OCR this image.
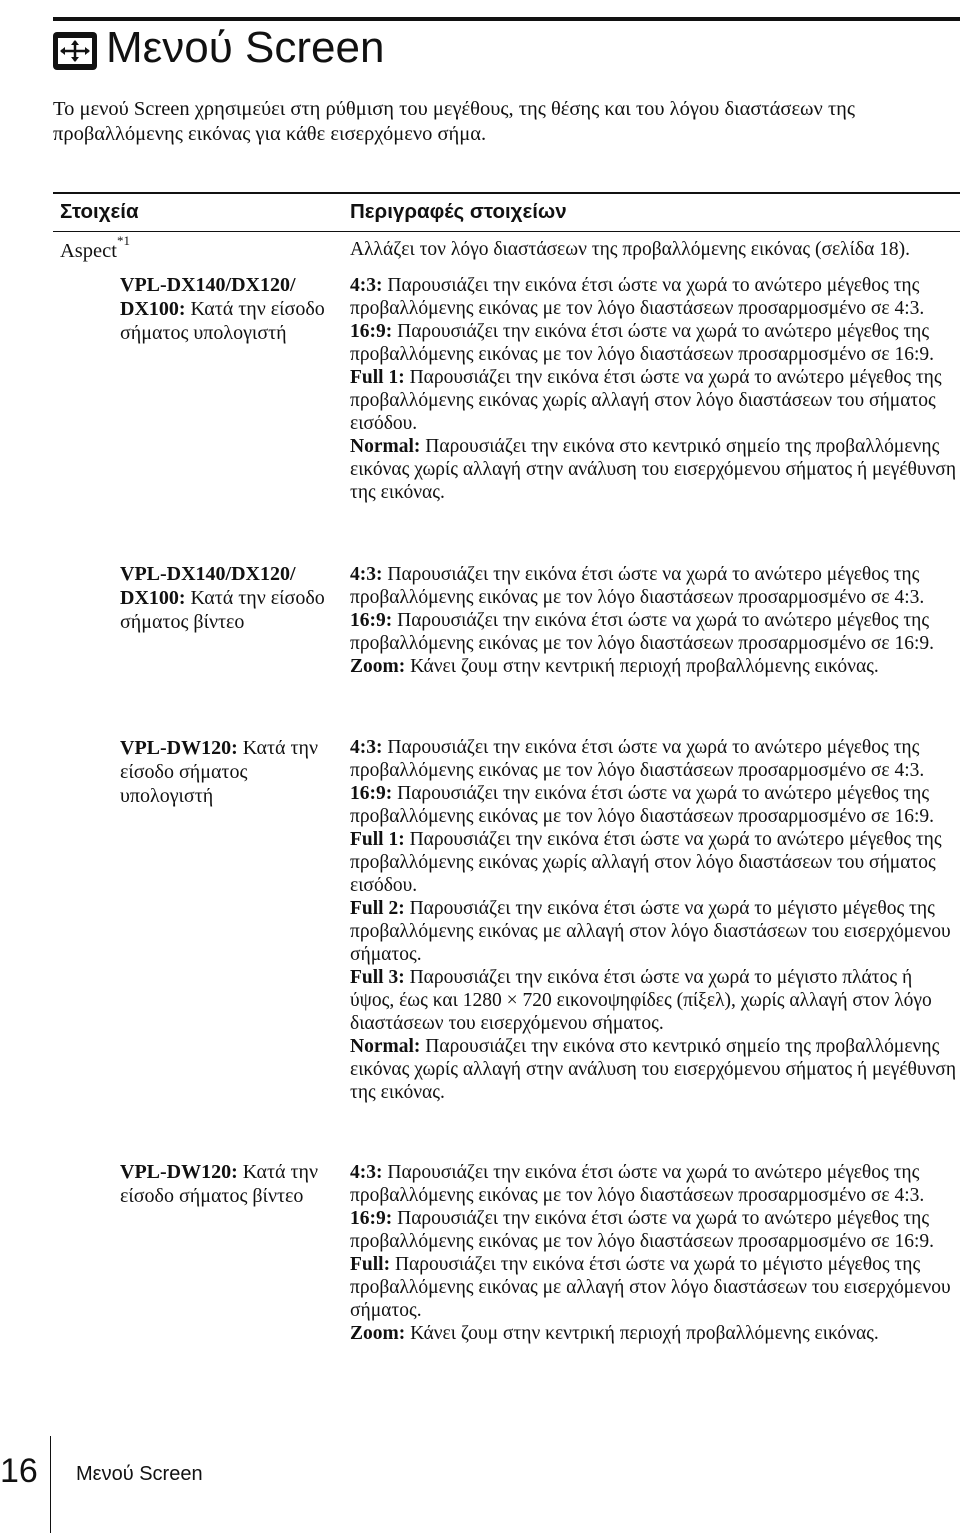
Μενού Screen
Το μενού Screen χρησιμεύει στη ρύθμιση του μεγέθους, της θέσης και του λόγου διαστάσεων της προβαλλόμενης εικόνας για κάθε εισερχόμενο σήμα.
Στοιχεία	Περιγραφές στοιχείων
Aspect$^{*1}$	Αλλάζει τον λόγο διαστάσεων της προβαλλόμενης εικόνας (σελίδα 18).
VPL-DX140/DX120/ DX100: Κατά την είσοδο σήματος υπολογιστή

4:3: Παρουσιάζει την εικόνα έτσι ώστε να χωρά το ανώτερο μέγεθος της προβαλλόμενης εικόνας με τον λόγο διαστάσεων προσαρμοσμένο σε 4:3.

16:9: Παρουσιάζει την εικόνα έτσι ώστε να χωρά το ανώτερο μέγεθος της προβαλλόμενης εικόνας με τον λόγο διαστάσεων προσαρμοσμένο σε 16:9.

Full 1: Παρουσιάζει την εικόνα έτσι ώστε να χωρά το ανώτερο μέγεθος της προβαλλόμενης εικόνας χωρίς αλλαγή στον λόγο διαστάσεων του σήματος εισόδου.

Normal: Παρουσιάζει την εικόνα στο κεντρικό σημείο της προβαλλόμενης εικόνας χωρίς αλλαγή στην ανάλυση του εισερχόμενου σήματος ή μεγέθυνση της εικόνας.

VPL-DX140/DX120/ DX100: Κατά την είσοδο σήματος βίντεο

4:3: Παρουσιάζει την εικόνα έτσι ώστε να χωρά το ανώτερο μέγεθος της προβαλλόμενης εικόνας με τον λόγο διαστάσεων προσαρμοσμένο σε 4:3.

16:9: Παρουσιάζει την εικόνα έτσι ώστε να χωρά το ανώτερο μέγεθος της προβαλλόμενης εικόνας με τον λόγο διαστάσεων προσαρμοσμένο σε 16:9.

Zoom: Κάνει ζουμ στην κεντρική περιοχή προβαλλόμενης εικόνας.

VPL-DW120: Κατά την είσοδο σήματος υπολογιστή

4:3: Παρουσιάζει την εικόνα έτσι ώστε να χωρά το ανώτερο μέγεθος της προβαλλόμενης εικόνας με τον λόγο διαστάσεων προσαρμοσμένο σε 4:3.

16:9: Παρουσιάζει την εικόνα έτσι ώστε να χωρά το ανώτερο μέγεθος της προβαλλόμενης εικόνας με τον λόγο διαστάσεων προσαρμοσμένο σε 16:9.

Full 1: Παρουσιάζει την εικόνα έτσι ώστε να χωρά το ανώτερο μέγεθος της προβαλλόμενης εικόνας χωρίς αλλαγή στον λόγο διαστάσεων του σήματος εισόδου.

Full 2: Παρουσιάζει την εικόνα έτσι ώστε να χωρά το μέγιστο μέγεθος της προβαλλόμενης εικόνας με αλλαγή στον λόγο διαστάσεων του εισερχόμενου σήματος.

Full 3: Παρουσιάζει την εικόνα έτσι ώστε να χωρά το μέγιστο πλάτος ή ύψος, έως και 1280 × 720 εικονοψηφίδες (πίξελ), χωρίς αλλαγή στον λόγο διαστάσεων του εισερχόμενου σήματος.

Normal: Παρουσιάζει την εικόνα στο κεντρικό σημείο της προβαλλόμενης εικόνας χωρίς αλλαγή στην ανάλυση του εισερχόμενου σήματος ή μεγέθυνση της εικόνας.

VPL-DW120: Κατά την είσοδο σήματος βίντεο

4:3: Παρουσιάζει την εικόνα έτσι ώστε να χωρά το ανώτερο μέγεθος της προβαλλόμενης εικόνας με τον λόγο διαστάσεων προσαρμοσμένο σε 4:3.

16:9: Παρουσιάζει την εικόνα έτσι ώστε να χωρά το ανώτερο μέγεθος της προβαλλόμενης εικόνας με τον λόγο διαστάσεων προσαρμοσμένο σε 16:9.

Full: Παρουσιάζει την εικόνα έτσι ώστε να χωρά το μέγιστο μέγεθος της προβαλλόμενης εικόνας με αλλαγή στον λόγο διαστάσεων του εισερχόμενου σήματος.

Zoom: Κάνει ζουμ στην κεντρική περιοχή προβαλλόμενης εικόνας.

16 Μενού Screen
